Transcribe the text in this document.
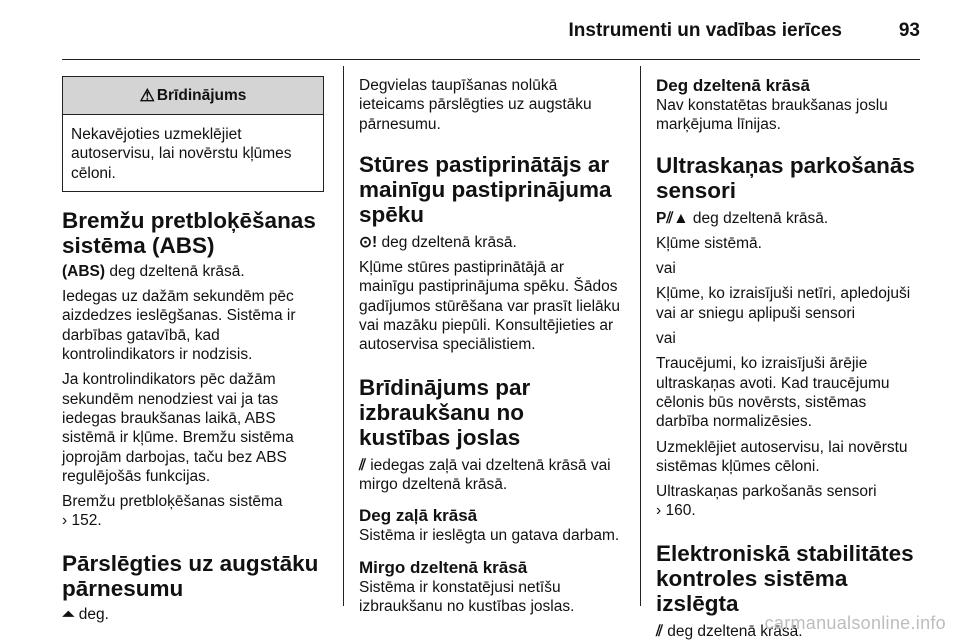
Instrumenti un vadības ierīces	93
⚠ Brīdinājums
Nekavējoties uzmeklējiet autoservisu, lai novērstu kļūmes cēloni.
Bremžu pretbloķēšanas sistēma (ABS)

(ABS) deg dzeltenā krāsā.

Iedegas uz dažām sekundēm pēc aizdedzes ieslēgšanas. Sistēma ir darbības gatavībā, kad kontrolindikators ir nodzisis.

Ja kontrolindikators pēc dažām sekundēm nenodziest vai ja tas iedegas braukšanas laikā, ABS sistēmā ir kļūme. Bremžu sistēma joprojām darbojas, taču bez ABS regulējošās funkcijas.

Bremžu pretbloķēšanas sistēma
› 152.

Pārslēgties uz augstāku pārnesumu

⏶ deg.

Degvielas taupīšanas nolūkā ieteicams pārslēgties uz augstāku pārnesumu.

Stūres pastiprinātājs ar mainīgu pastiprinājuma spēku

⊙! deg dzeltenā krāsā.

Kļūme stūres pastiprinātājā ar mainīgu pastiprinājuma spēku. Šādos gadījumos stūrēšana var prasīt lielāku vai mazāku piepūli. Konsultējieties ar autoservisa speciālistiem.

Brīdinājums par izbraukšanu no kustības joslas

⫽ iedegas zaļā vai dzeltenā krāsā vai mirgo dzeltenā krāsā.

Deg zaļā krāsā

Sistēma ir ieslēgta un gatava darbam.

Mirgo dzeltenā krāsā

Sistēma ir konstatējusi netīšu izbraukšanu no kustības joslas.

Deg dzeltenā krāsā

Nav konstatētas braukšanas joslu marķējuma līnijas.

Ultraskaņas parkošanās sensori

P⫽▲ deg dzeltenā krāsā.

Kļūme sistēmā.

vai

Kļūme, ko izraisījuši netīri, apledojuši vai ar sniegu aplipuši sensori

vai

Traucējumi, ko izraisījuši ārējie ultraskaņas avoti. Kad traucējumu cēlonis būs novērsts, sistēmas darbība normalizēsies.

Uzmeklējiet autoservisu, lai novērstu sistēmas kļūmes cēloni.

Ultraskaņas parkošanās sensori
› 160.

Elektroniskā stabilitātes kontroles sistēma izslēgta

⫽ deg dzeltenā krāsā.

carmanualsonline.info
